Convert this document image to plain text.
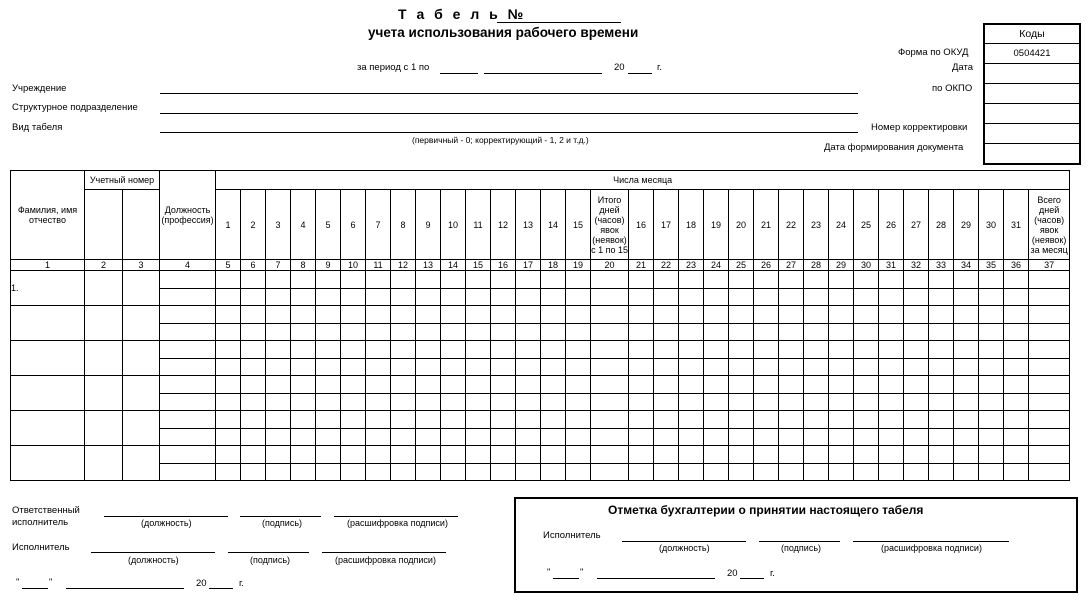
Т а б е л ь №
учета использования рабочего времени
за период с 1 по	20	г.
Коды
0504421
Форма по ОКУД
Дата
по ОКПО
Номер корректировки
Дата формирования документа
Учреждение
Структурное подразделение
Вид табеля
(первичный - 0; корректирующий - 1, 2 и т.д.)
Фамилия, имя отчество	Учетный номер		Должность (профессия)	Числа месяца																																
				1	2	3	4	5	6	7	8	9	10	11	12	13	14	15	Итого дней (часов) явок (неявок) с 1 по 15	16	17	18	19	20	21	22	23	24	25	26	27	28	29	30	31	Всего дней (часов) явок (неявок) за месяц
1	2	3	4	5	6	7	8	9	10	11	12	13	14	15	16	17	18	19	20	21	22	23	24	25	26	27	28	29	30	31	32	33	34	35	36	37
1.																																				

Ответственный
исполнитель	(должность)	(подпись)	(расшифровка подписи)
Исполнитель
(должность)	(подпись)	(расшифровка подписи)
"	"	20	г.
Отметка бухгалтерии о принятии настоящего табеля
Исполнитель
(должность)	(подпись)	(расшифровка подписи)
"	"	20	г.
